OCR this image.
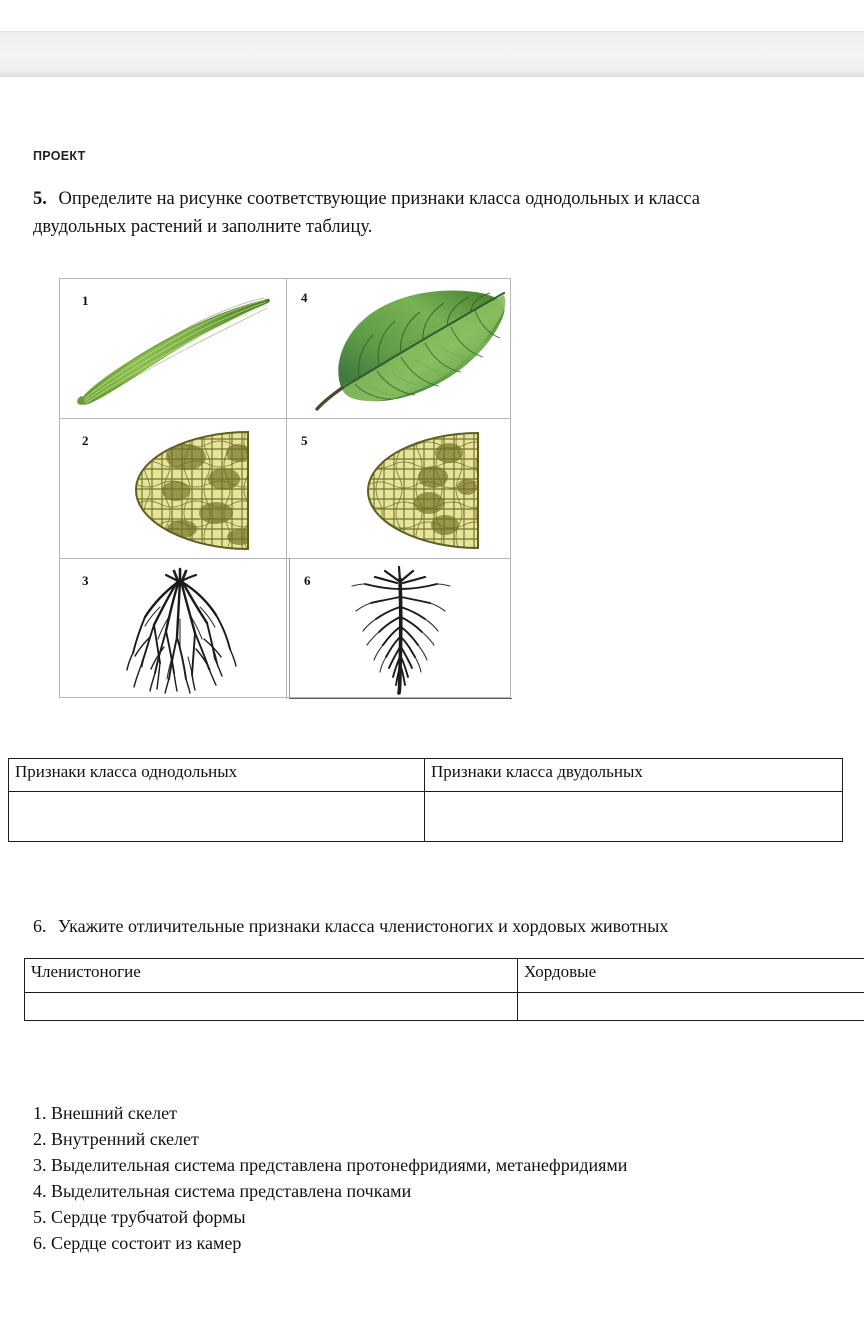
ПРОЕКТ
5. Определите на рисунке соответствующие признаки класса однодольных и класса
двудольных растений и заполните таблицу.
1	4
2	5
3	6
Признаки класса однодольных	Признаки класса двудольных

6. Укажите отличительные признаки класса членистоногих и хордовых животных
Членистоногие	Хордовые

1. Внешний скелет
2. Внутренний скелет
3. Выделительная система представлена протонефридиями, метанефридиями
4. Выделительная система представлена почками
5. Сердце трубчатой формы
6. Сердце состоит из камер
